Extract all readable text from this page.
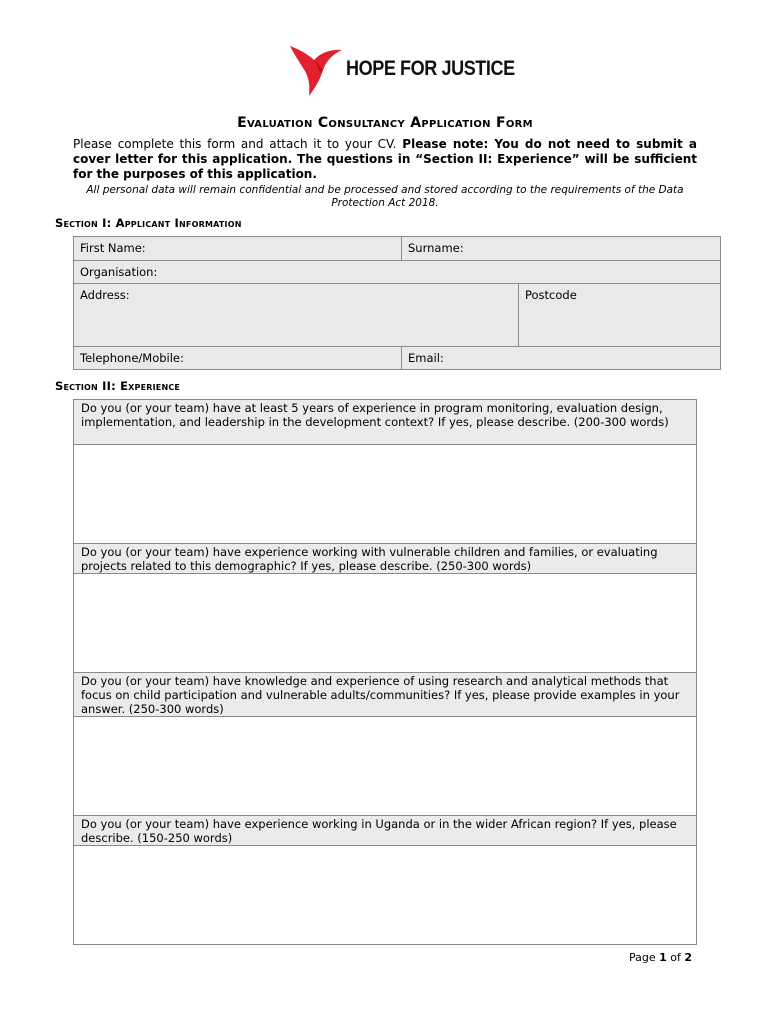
HOPE FOR JUSTICE
Evaluation Consultancy Application Form

Please complete this form and attach it to your CV. Please note: You do not need to submit a cover letter for this application. The questions in “Section II: Experience” will be sufficient for the purposes of this application.

All personal data will remain confidential and be processed and stored according to the requirements of the Data Protection Act 2018.

Section I: Applicant Information
First Name:	Surname:
Organisation:
Address:	Postcode
Telephone/Mobile:	Email:
Section II: Experience
Do you (or your team) have at least 5 years of experience in program monitoring, evaluation design, implementation, and leadership in the development context? If yes, please describe. (200-300 words)
Do you (or your team) have experience working with vulnerable children and families, or evaluating projects related to this demographic? If yes, please describe. (250-300 words)
Do you (or your team) have knowledge and experience of using research and analytical methods that focus on child participation and vulnerable adults/communities? If yes, please provide examples in your answer. (250-300 words)
Do you (or your team) have experience working in Uganda or in the wider African region? If yes, please describe. (150-250 words)
Page 1 of 2
